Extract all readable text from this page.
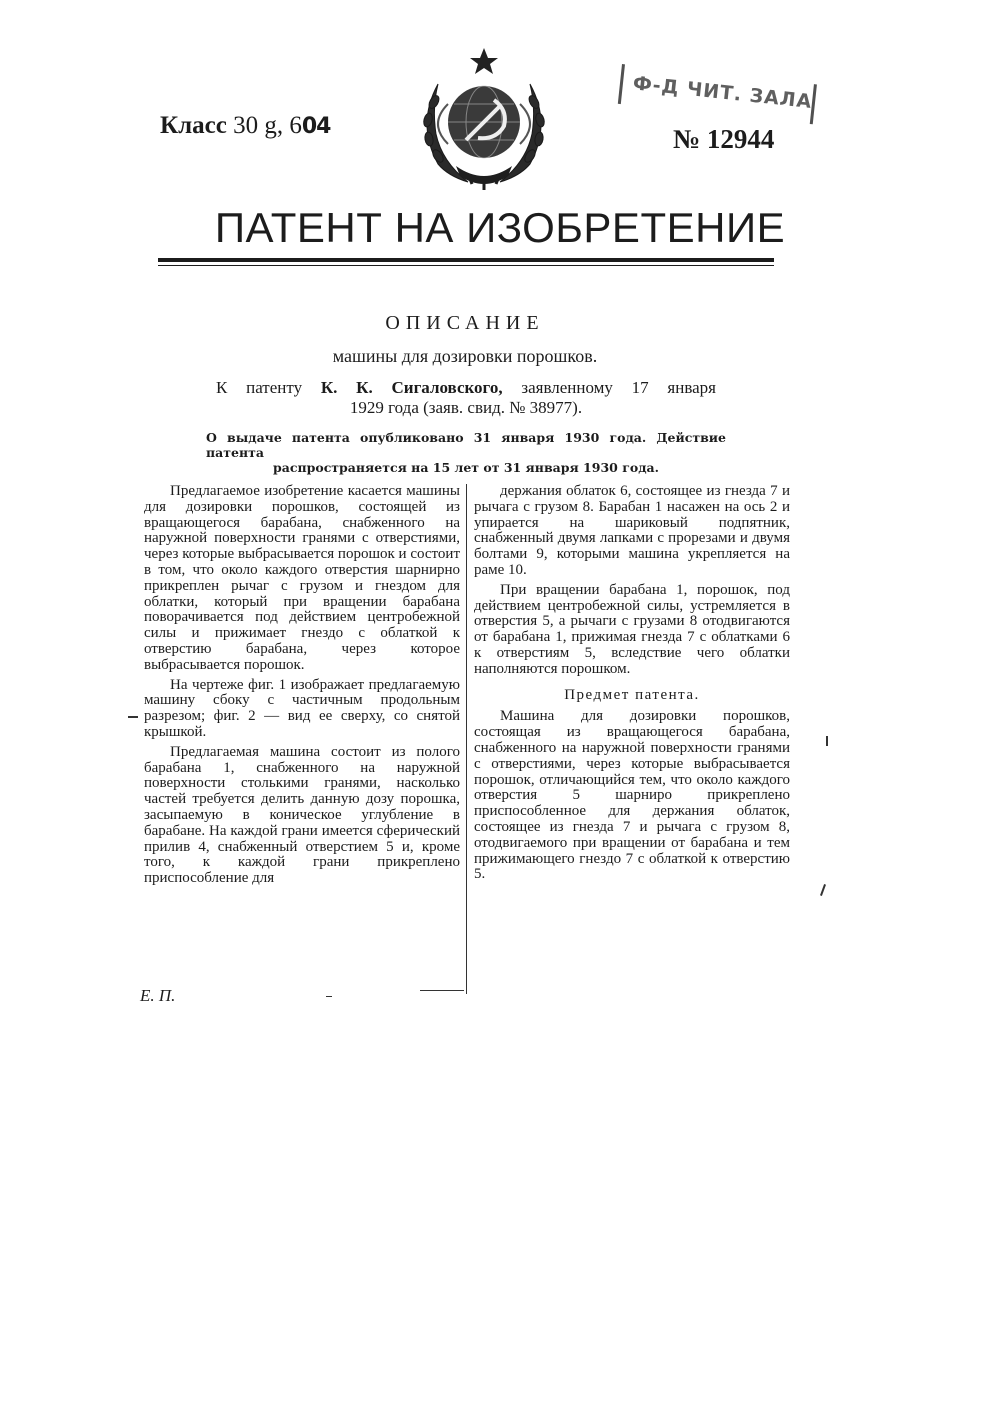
Класс 30 g, 604
Ф-Д ЧИТ. ЗАЛА
№ 12944
ПАТЕНТ НА ИЗОБРЕТЕНИЕ
ОПИСАНИЕ
машины для дозировки порошков.
К патенту К. К. Сигаловского, заявленному 17 января
1929 года (заяв. свид. № 38977).
О выдаче патента опубликовано 31 января 1930 года. Действие патента
распространяется на 15 лет от 31 января 1930 года.

Предлагаемое изобретение касается машины для дозировки порошков, состоящей из вращающегося барабана, снабженного на наружной поверхности гранями с отверстиями, через которые выбрасывается порошок и состоит в том, что около каждого отверстия шарнирно прикреплен рычаг с грузом и гнездом для облатки, который при вращении барабана поворачивается под действием центробежной силы и прижимает гнездо с облаткой к отверстию барабана, через которое выбрасывается порошок.

На чертеже фиг. 1 изображает предлагаемую машину сбоку с частичным продольным разрезом; фиг. 2 — вид ее сверху, со снятой крышкой.

Предлагаемая машина состоит из полого барабана 1, снабженного на наружной поверхности столькими гранями, насколько частей требуется делить данную дозу порошка, засыпаемую в коническое углубление в барабане. На каждой грани имеется сферический прилив 4, снабженный отверстием 5 и, кроме того, к каждой грани прикреплено приспособление для

держания облаток 6, состоящее из гнезда 7 и рычага с грузом 8. Барабан 1 насажен на ось 2 и упирается на шариковый подпятник, снабженный двумя лапками с прорезами и двумя болтами 9, которыми машина укрепляется на раме 10.

При вращении барабана 1, порошок, под действием центробежной силы, устремляется в отверстия 5, а рычаги с грузами 8 отодвигаются от барабана 1, прижимая гнезда 7 с облатками 6 к отверстиям 5, вследствие чего облатки наполняются порошком.

Предмет патента.

Машина для дозировки порошков, состоящая из вращающегося барабана, снабженного на наружной поверхности гранями с отверстиями, через которые выбрасывается порошок, отличающийся тем, что около каждого отверстия 5 шарниро прикреплено приспособленное для держания облаток, состоящее из гнезда 7 и рычага с грузом 8, отодвигаемого при вращении от барабана и тем прижимающего гнездо 7 с облаткой к отверстию 5.

Е. П.
